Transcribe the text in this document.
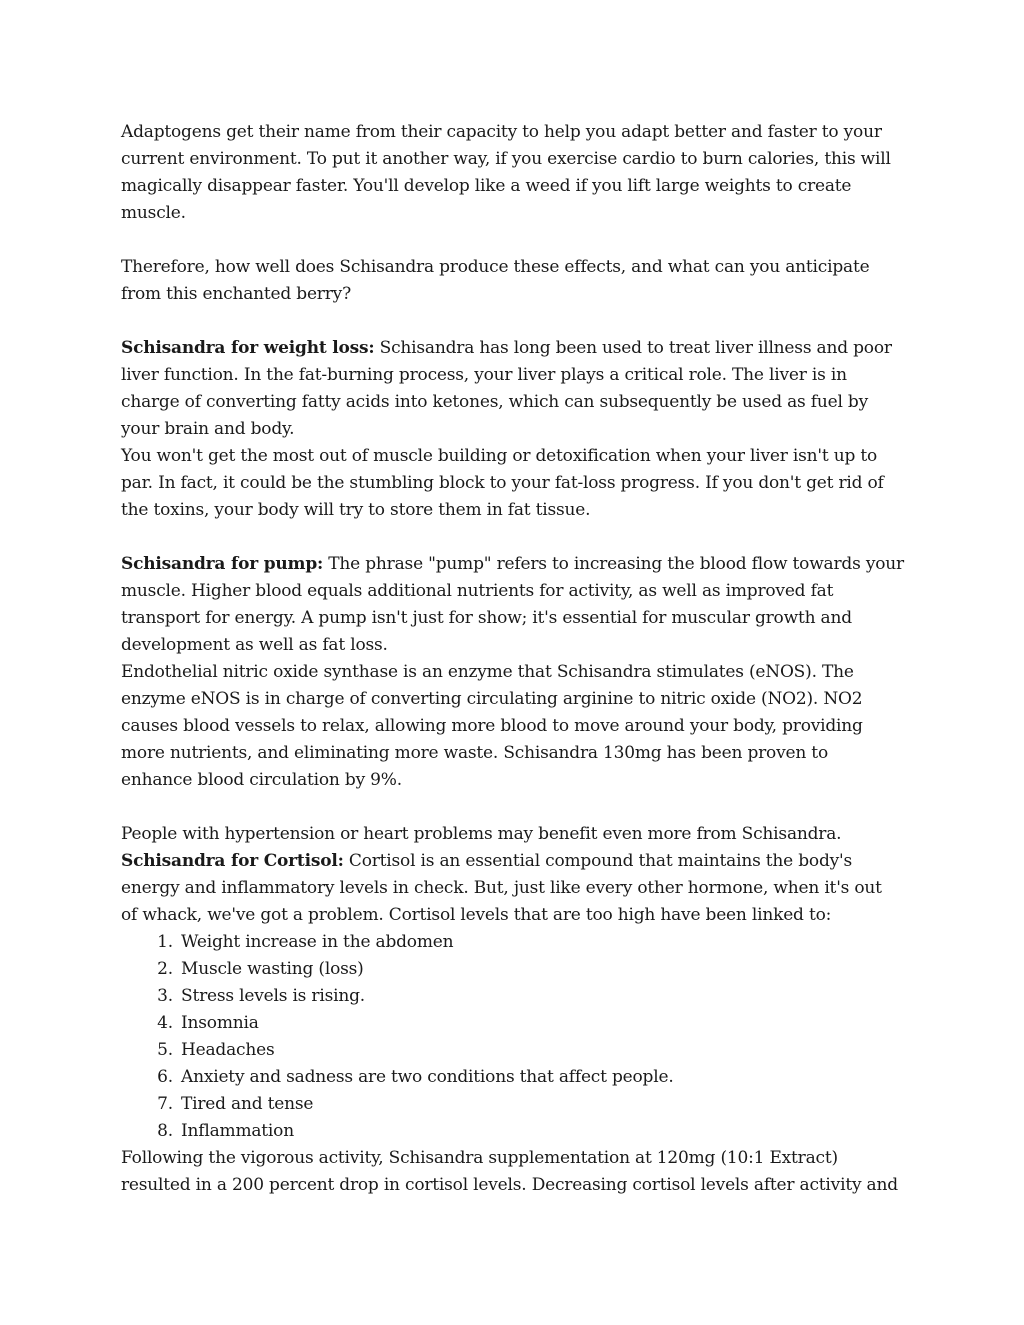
Adaptogens get their name from their capacity to help you adapt better and faster to your
current environment. To put it another way, if you exercise cardio to burn calories, this will
magically disappear faster. You'll develop like a weed if you lift large weights to create
muscle.

Therefore, how well does Schisandra produce these effects, and what can you anticipate
from this enchanted berry?

Schisandra for weight loss: Schisandra has long been used to treat liver illness and poor
liver function. In the fat-burning process, your liver plays a critical role. The liver is in
charge of converting fatty acids into ketones, which can subsequently be used as fuel by
your brain and body.

You won't get the most out of muscle building or detoxification when your liver isn't up to
par. In fact, it could be the stumbling block to your fat-loss progress. If you don't get rid of
the toxins, your body will try to store them in fat tissue.

Schisandra for pump: The phrase "pump" refers to increasing the blood flow towards your
muscle. Higher blood equals additional nutrients for activity, as well as improved fat
transport for energy. A pump isn't just for show; it's essential for muscular growth and
development as well as fat loss.

Endothelial nitric oxide synthase is an enzyme that Schisandra stimulates (eNOS). The
enzyme eNOS is in charge of converting circulating arginine to nitric oxide (NO2). NO2
causes blood vessels to relax, allowing more blood to move around your body, providing
more nutrients, and eliminating more waste. Schisandra 130mg has been proven to
enhance blood circulation by 9%.

People with hypertension or heart problems may benefit even more from Schisandra.

Schisandra for Cortisol: Cortisol is an essential compound that maintains the body's
energy and inflammatory levels in check. But, just like every other hormone, when it's out
of whack, we've got a problem. Cortisol levels that are too high have been linked to:

1. Weight increase in the abdomen
2. Muscle wasting (loss)
3. Stress levels is rising.
4. Insomnia
5. Headaches
6. Anxiety and sadness are two conditions that affect people.
7. Tired and tense
8. Inflammation

Following the vigorous activity, Schisandra supplementation at 120mg (10:1 Extract)
resulted in a 200 percent drop in cortisol levels. Decreasing cortisol levels after activity and
